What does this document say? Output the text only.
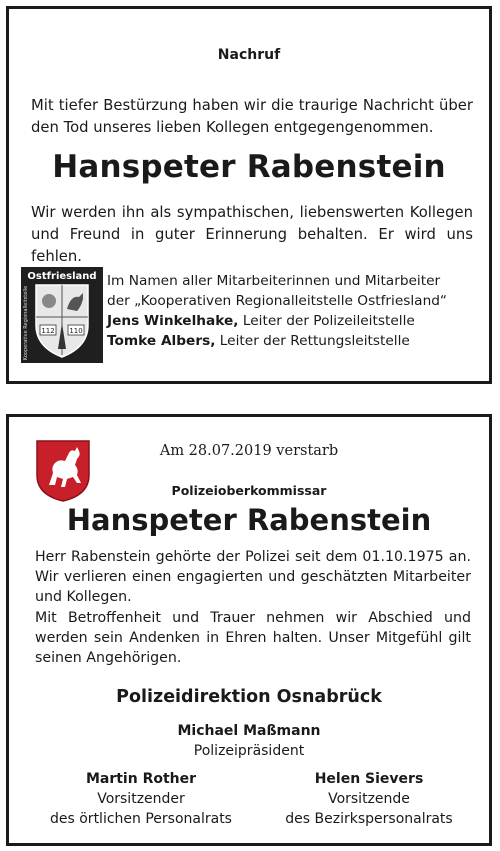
Nachruf
Mit tiefer Bestürzung haben wir die traurige Nachricht über den Tod unseres lieben Kollegen entgegengenommen.
Hanspeter Rabenstein
Wir werden ihn als sympathischen, liebenswerten Kollegen und Freund in guter Erinnerung behalten. Er wird uns fehlen.
Ostfriesland
Kooperative Regionalleitstelle 112 110
Im Namen aller Mitarbeiterinnen und Mitarbeiter
der „Kooperativen Regionalleitstelle Ostfriesland“
Jens Winkelhake, Leiter der Polizeileitstelle
Tomke Albers, Leiter der Rettungsleitstelle
Am 28.07.2019 verstarb
Polizeioberkommissar
Hanspeter Rabenstein
Herr Rabenstein gehörte der Polizei seit dem 01.10.1975 an. Wir verlieren einen engagierten und geschätzten Mitarbeiter und Kollegen.
Mit Betroffenheit und Trauer nehmen wir Abschied und werden sein Andenken in Ehren halten. Unser Mitgefühl gilt seinen Angehörigen.
Polizeidirektion Osnabrück
Michael Maßmann
Polizeipräsident
Martin Rother
Vorsitzender
des örtlichen Personalrats
Helen Sievers
Vorsitzende
des Bezirkspersonalrats
